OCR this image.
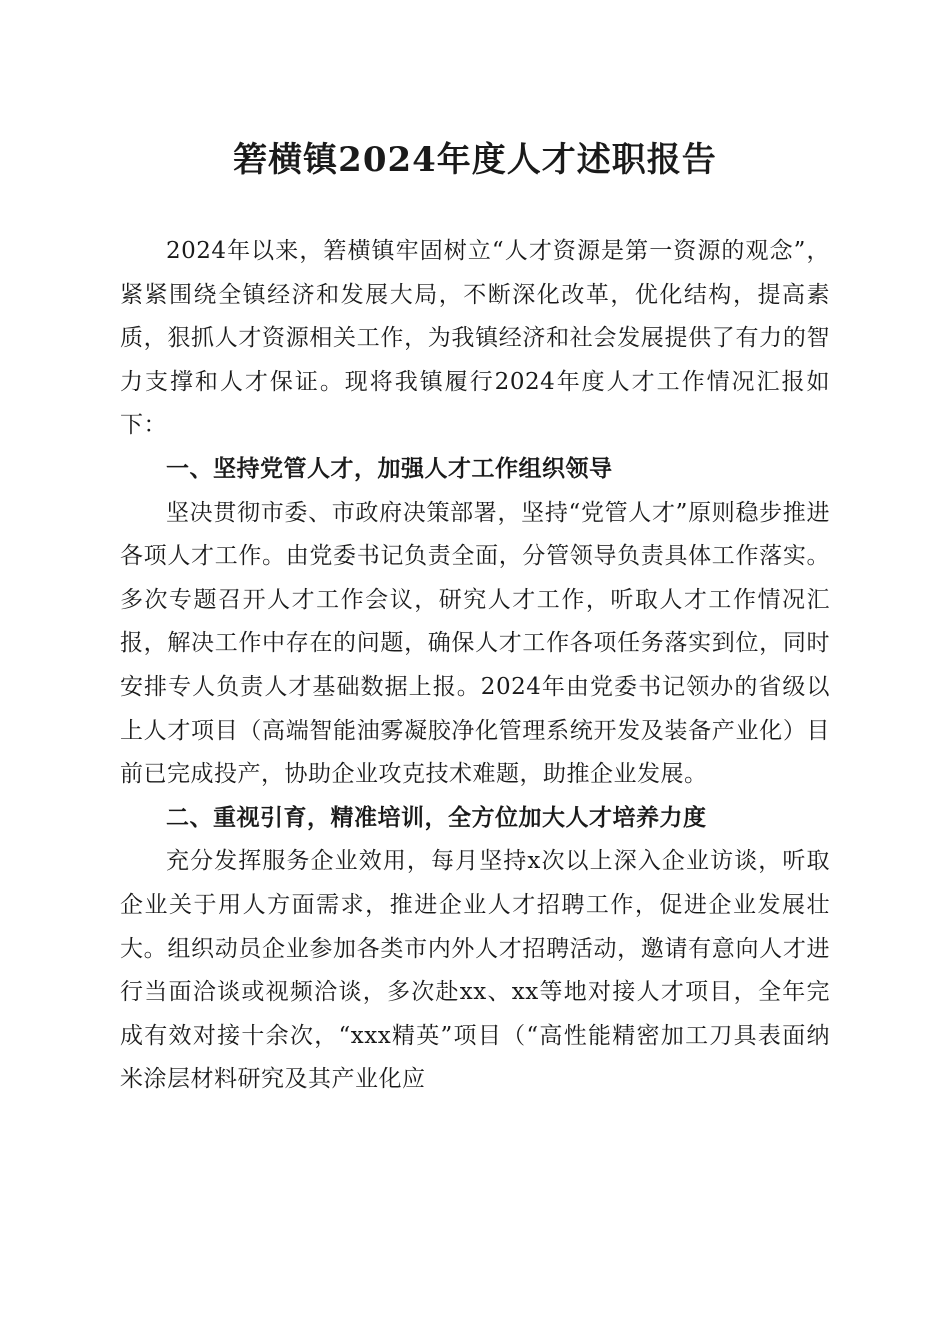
箬横镇2024年度人才述职报告

2024年以来，箬横镇牢固树立“人才资源是第一资源的观念”，紧紧围绕全镇经济和发展大局，不断深化改革，优化结构，提高素质，狠抓人才资源相关工作，为我镇经济和社会发展提供了有力的智力支撑和人才保证。现将我镇履行2024年度人才工作情况汇报如下：

一、坚持党管人才，加强人才工作组织领导

坚决贯彻市委、市政府决策部署，坚持“党管人才”原则稳步推进各项人才工作。由党委书记负责全面，分管领导负责具体工作落实。多次专题召开人才工作会议，研究人才工作，听取人才工作情况汇报，解决工作中存在的问题，确保人才工作各项任务落实到位，同时安排专人负责人才基础数据上报。2024年由党委书记领办的省级以上人才项目（高端智能油雾凝胶净化管理系统开发及装备产业化）目前已完成投产，协助企业攻克技术难题，助推企业发展。

二、重视引育，精准培训，全方位加大人才培养力度

充分发挥服务企业效用，每月坚持x次以上深入企业访谈，听取企业关于用人方面需求，推进企业人才招聘工作，促进企业发展壮大。组织动员企业参加各类市内外人才招聘活动，邀请有意向人才进行当面洽谈或视频洽谈，多次赴xx、xx等地对接人才项目，全年完成有效对接十余次，“xxx精英”项目（“高性能精密加工刀具表面纳米涂层材料研究及其产业化应
